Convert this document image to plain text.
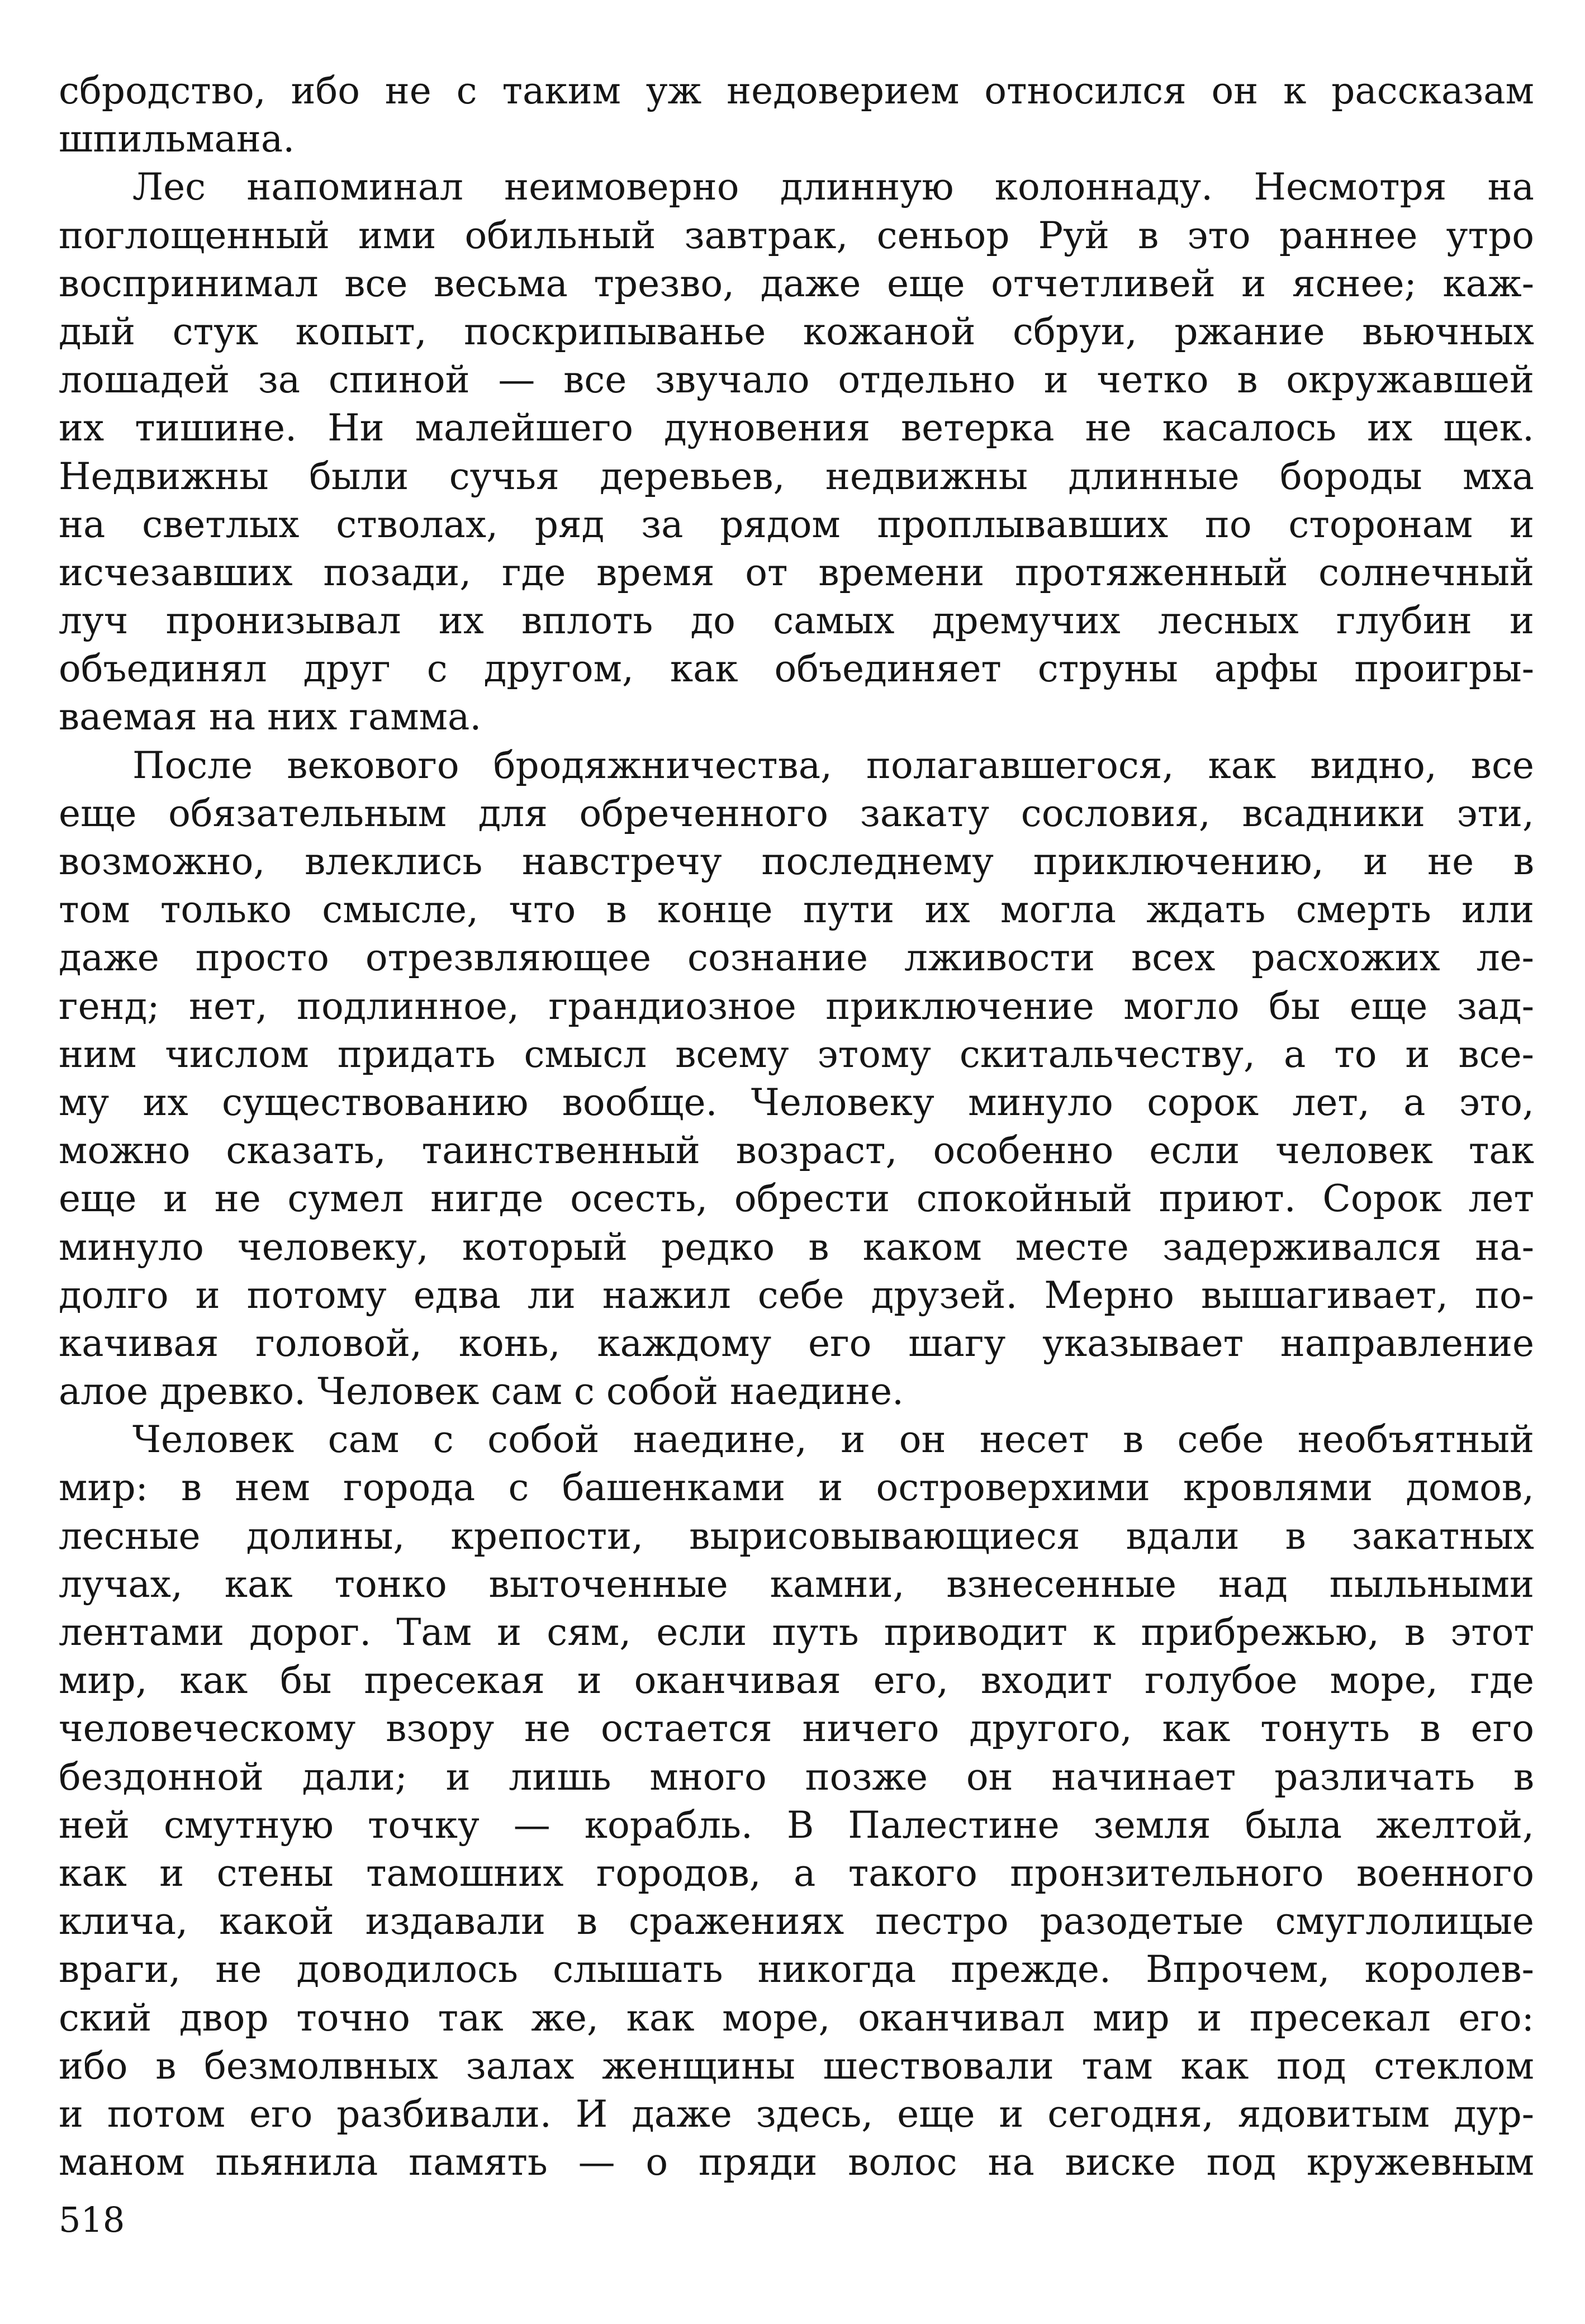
сбродство, ибо не с таким уж недоверием относился он к рассказам
шпильмана.
Лес напоминал неимоверно длинную колоннаду. Несмотря на
поглощенный ими обильный завтрак, сеньор Руй в это раннее утро
воспринимал все весьма трезво, даже еще отчетливей и яснее; каж-
дый стук копыт, поскрипыванье кожаной сбруи, ржание вьючных
лошадей за спиной — все звучало отдельно и четко в окружавшей
их тишине. Ни малейшего дуновения ветерка не касалось их щек.
Недвижны были сучья деревьев, недвижны длинные бороды мха
на светлых стволах, ряд за рядом проплывавших по сторонам и
исчезавших позади, где время от времени протяженный солнечный
луч пронизывал их вплоть до самых дремучих лесных глубин и
объединял друг с другом, как объединяет струны арфы проигры-
ваемая на них гамма.
После векового бродяжничества, полагавшегося, как видно, все
еще обязательным для обреченного закату сословия, всадники эти,
возможно, влеклись навстречу последнему приключению, и не в
том только смысле, что в конце пути их могла ждать смерть или
даже просто отрезвляющее сознание лживости всех расхожих ле-
генд; нет, подлинное, грандиозное приключение могло бы еще зад-
ним числом придать смысл всему этому скитальчеству, а то и все-
му их существованию вообще. Человеку минуло сорок лет, а это,
можно сказать, таинственный возраст, особенно если человек так
еще и не сумел нигде осесть, обрести спокойный приют. Сорок лет
минуло человеку, который редко в каком месте задерживался на-
долго и потому едва ли нажил себе друзей. Мерно вышагивает, по-
качивая головой, конь, каждому его шагу указывает направление
алое древко. Человек сам с собой наедине.
Человек сам с собой наедине, и он несет в себе необъятный
мир: в нем города с башенками и островерхими кровлями домов,
лесные долины, крепости, вырисовывающиеся вдали в закатных
лучах, как тонко выточенные камни, взнесенные над пыльными
лентами дорог. Там и сям, если путь приводит к прибрежью, в этот
мир, как бы пресекая и оканчивая его, входит голубое море, где
человеческому взору не остается ничего другого, как тонуть в его
бездонной дали; и лишь много позже он начинает различать в
ней смутную точку — корабль. В Палестине земля была желтой,
как и стены тамошних городов, а такого пронзительного военного
клича, какой издавали в сражениях пестро разодетые смуглолицые
враги, не доводилось слышать никогда прежде. Впрочем, королев-
ский двор точно так же, как море, оканчивал мир и пресекал его:
ибо в безмолвных залах женщины шествовали там как под стеклом
и потом его разбивали. И даже здесь, еще и сегодня, ядовитым дур-
маном пьянила память — о пряди волос на виске под кружевным
518
